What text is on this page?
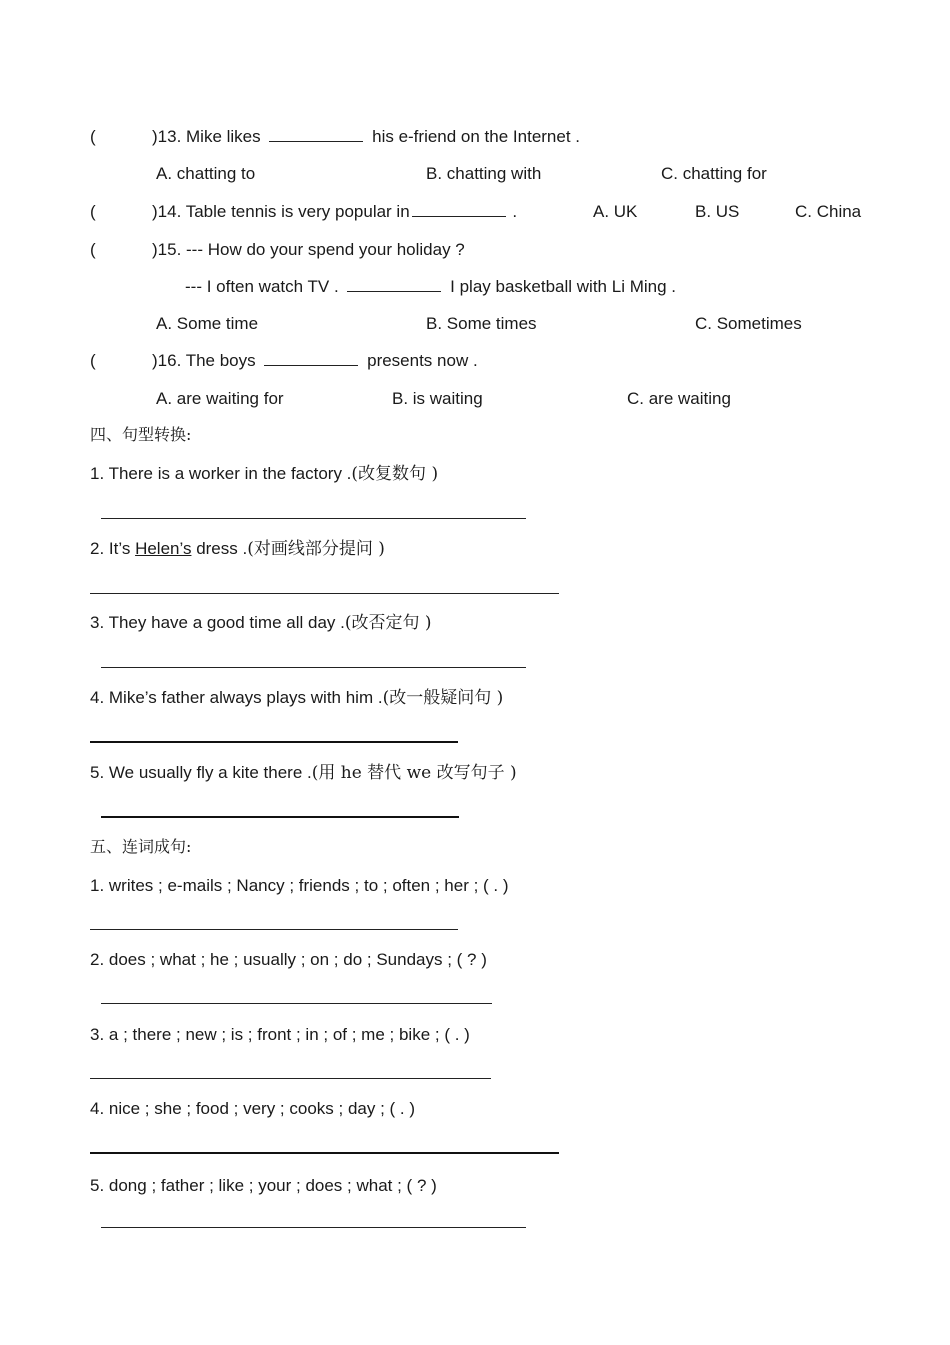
(	)13. Mike likes	his e-friend on the Internet .
A. chatting to	B. chatting with	C. chatting for
(	)14. Table tennis is very popular in	.	A. UK	B. US	C. China
(	)15. --- How do your spend your holiday ?
--- I often watch TV .	I play basketball with Li Ming .
A. Some time	B. Some times	C. Sometimes
(	)16. The boys	presents now .
A. are waiting for	B. is waiting	C. are waiting
四、句型转换:
1. There is a worker in the factory .(改复数句 )
2. It’s Helen’s dress .(对画线部分提问 )
3. They have a good time all day .(改否定句 )
4. Mike’s father always plays with him .(改一般疑问句 )
5. We usually fly a kite there .(用 he 替代 we 改写句子 )
五、连词成句:
1. writes ; e-mails ; Nancy ; friends ; to ; often ; her ; ( . )
2. does ; what ; he ; usually ; on ; do ; Sundays ; ( ? )
3. a ; there ; new ; is ; front ; in ; of ; me ; bike ; ( . )
4. nice ; she ; food ; very ; cooks ; day ; ( . )
5. dong ; father ; like ; your ; does ; what ; ( ? )
